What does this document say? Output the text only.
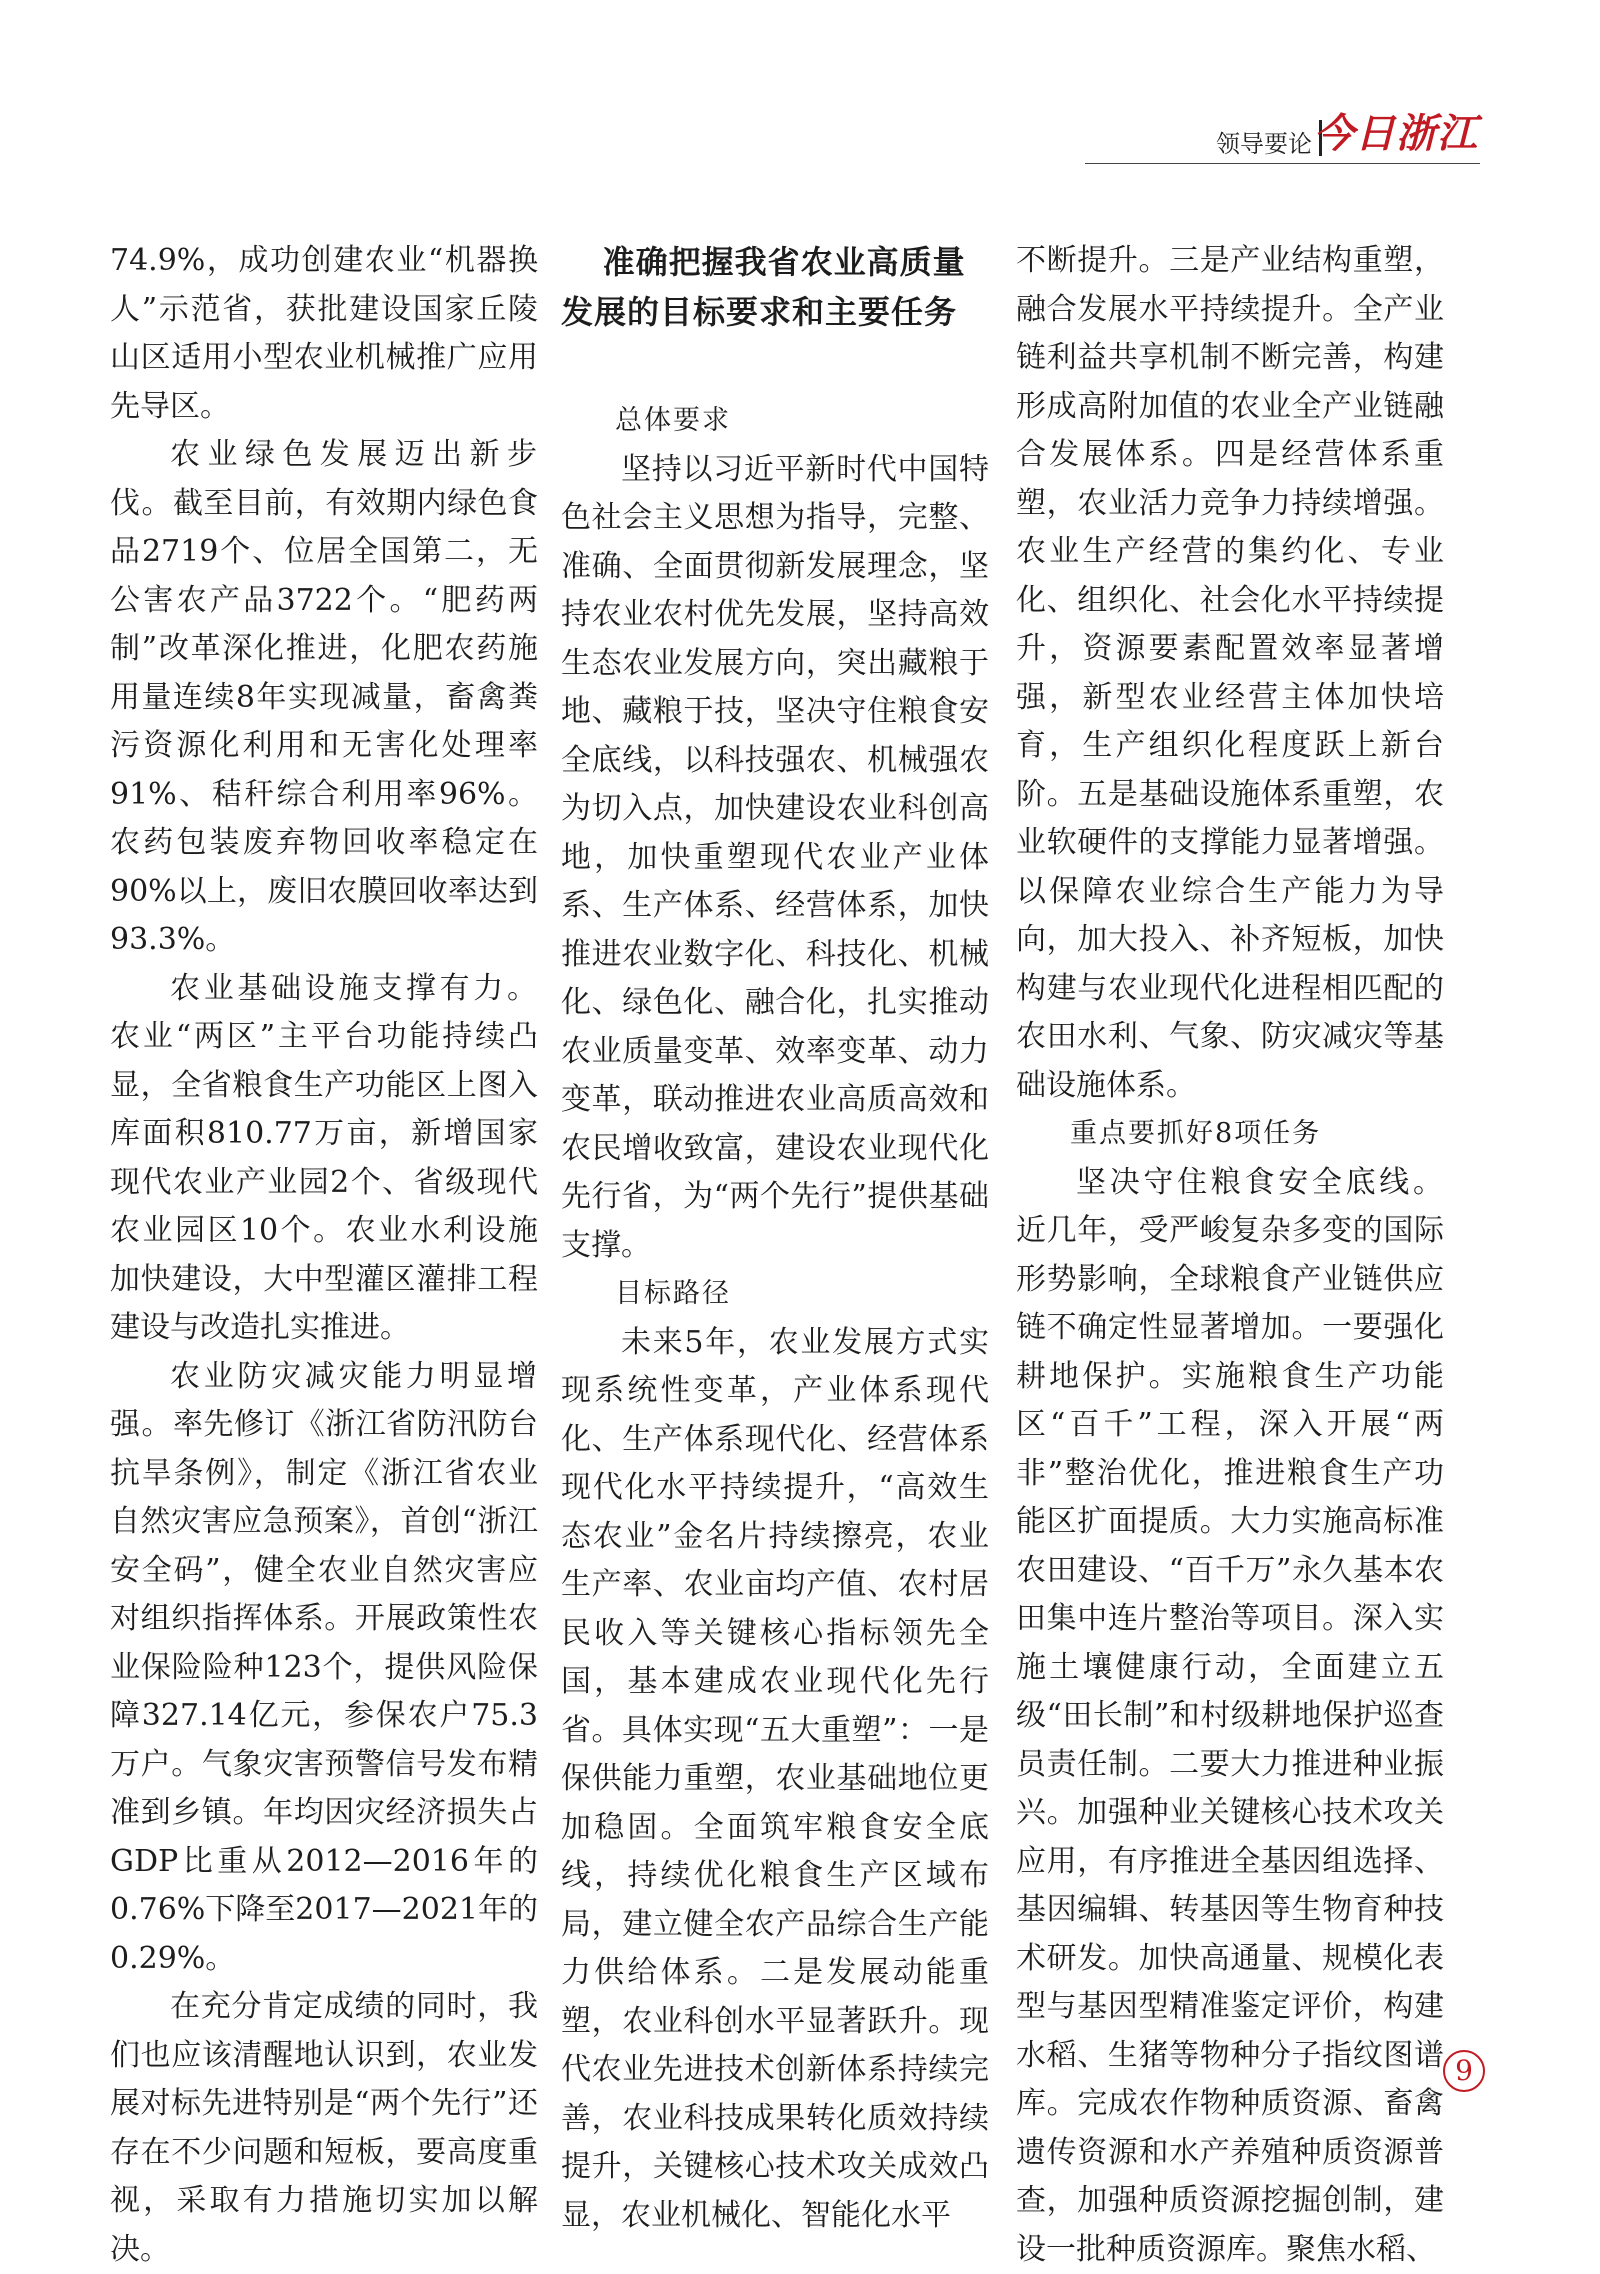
领导要论 今日浙江

74.9%，成功创建农业“机器换人”示范省，获批建设国家丘陵山区适用小型农业机械推广应用先导区。

农业绿色发展迈出新步伐。截至目前，有效期内绿色食品2719个、位居全国第二，无公害农产品3722个。“肥药两制”改革深化推进，化肥农药施用量连续8年实现减量，畜禽粪污资源化利用和无害化处理率91%、秸秆综合利用率96%。农药包装废弃物回收率稳定在90%以上，废旧农膜回收率达到93.3%。

农业基础设施支撑有力。农业“两区”主平台功能持续凸显，全省粮食生产功能区上图入库面积810.77万亩，新增国家现代农业产业园2个、省级现代农业园区10个。农业水利设施加快建设，大中型灌区灌排工程建设与改造扎实推进。

农业防灾减灾能力明显增强。率先修订《浙江省防汛防台抗旱条例》，制定《浙江省农业自然灾害应急预案》，首创“浙江安全码”，健全农业自然灾害应对组织指挥体系。开展政策性农业保险险种123个，提供风险保障327.14亿元，参保农户75.3万户。气象灾害预警信号发布精准到乡镇。年均因灾经济损失占GDP比重从2012—2016年的0.76%下降至2017—2021年的0.29%。

在充分肯定成绩的同时，我们也应该清醒地认识到，农业发展对标先进特别是“两个先行”还存在不少问题和短板，要高度重视，采取有力措施切实加以解决。

准确把握我省农业高质量发展的目标要求和主要任务
总体要求

坚持以习近平新时代中国特色社会主义思想为指导，完整、准确、全面贯彻新发展理念，坚持农业农村优先发展，坚持高效生态农业发展方向，突出藏粮于地、藏粮于技，坚决守住粮食安全底线，以科技强农、机械强农为切入点，加快建设农业科创高地，加快重塑现代农业产业体系、生产体系、经营体系，加快推进农业数字化、科技化、机械化、绿色化、融合化，扎实推动农业质量变革、效率变革、动力变革，联动推进农业高质高效和农民增收致富，建设农业现代化先行省，为“两个先行”提供基础支撑。

目标路径

未来5年，农业发展方式实现系统性变革，产业体系现代化、生产体系现代化、经营体系现代化水平持续提升，“高效生态农业”金名片持续擦亮，农业生产率、农业亩均产值、农村居民收入等关键核心指标领先全国，基本建成农业现代化先行省。具体实现“五大重塑”：一是保供能力重塑，农业基础地位更加稳固。全面筑牢粮食安全底线，持续优化粮食生产区域布局，建立健全农产品综合生产能力供给体系。二是发展动能重塑，农业科创水平显著跃升。现代农业先进技术创新体系持续完善，农业科技成果转化质效持续提升，关键核心技术攻关成效凸显，农业机械化、智能化水平

不断提升。三是产业结构重塑，融合发展水平持续提升。全产业链利益共享机制不断完善，构建形成高附加值的农业全产业链融合发展体系。四是经营体系重塑，农业活力竞争力持续增强。农业生产经营的集约化、专业化、组织化、社会化水平持续提升，资源要素配置效率显著增强，新型农业经营主体加快培育，生产组织化程度跃上新台阶。五是基础设施体系重塑，农业软硬件的支撑能力显著增强。以保障农业综合生产能力为导向，加大投入、补齐短板，加快构建与农业现代化进程相匹配的农田水利、气象、防灾减灾等基础设施体系。

重点要抓好8项任务

坚决守住粮食安全底线。近几年，受严峻复杂多变的国际形势影响，全球粮食产业链供应链不确定性显著增加。一要强化耕地保护。实施粮食生产功能区“百千”工程，深入开展“两非”整治优化，推进粮食生产功能区扩面提质。大力实施高标准农田建设、“百千万”永久基本农田集中连片整治等项目。深入实施土壤健康行动，全面建立五级“田长制”和村级耕地保护巡查员责任制。二要大力推进种业振兴。加强种业关键核心技术攻关应用，有序推进全基因组选择、基因编辑、转基因等生物育种技术研发。加快高通量、规模化表型与基因型精准鉴定评价，构建水稻、生猪等物种分子指纹图谱库。完成农作物种质资源、畜禽遗传资源和水产养殖种质资源普查，加强种质资源挖掘创制，建设一批种质资源库。聚焦水稻、

9
